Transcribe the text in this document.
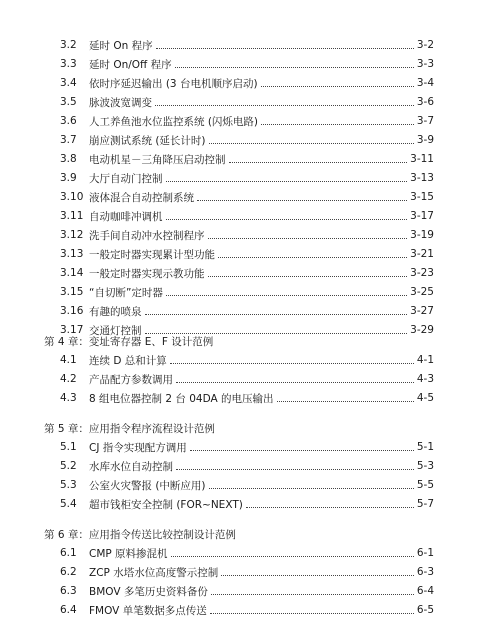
3.2	延时 On 程序	3-2
3.3	延时 On/Off 程序	3-3
3.4	依时序延迟输出 (3 台电机顺序启动)	3-4
3.5	脉波波宽调变	3-6
3.6	人工养鱼池水位监控系统 (闪烁电路)	3-7
3.7	崩应测试系统 (延长计时)	3-9
3.8	电动机星－三角降压启动控制	3-11
3.9	大厅自动门控制	3-13
3.10 液体混合自动控制系统	3-15
3.11 自动咖啡冲调机	3-17
3.12 洗手间自动冲水控制程序	3-19
3.13 一般定时器实现累计型功能	3-21
3.14 一般定时器实现示教功能	3-23
3.15 “自切断”定时器	3-25
3.16 有趣的喷泉	3-27
3.17 交通灯控制	3-29
第 4 章：变址寄存器 E、F 设计范例
4.1	连续 D 总和计算	4-1
4.2	产品配方参数调用	4-3
4.3	8 组电位器控制 2 台 04DA 的电压输出	4-5
第 5 章：应用指令程序流程设计范例
5.1	CJ 指令实现配方调用	5-1
5.2	水库水位自动控制	5-3
5.3	公室火灾警报 (中断应用)	5-5
5.4	超市钱柜安全控制 (FOR~NEXT)	5-7
第 6 章：应用指令传送比较控制设计范例
6.1	CMP 原料掺混机	6-1
6.2	ZCP 水塔水位高度警示控制	6-3
6.3	BMOV 多笔历史资料备份	6-4
6.4	FMOV 单笔数据多点传送	6-5
